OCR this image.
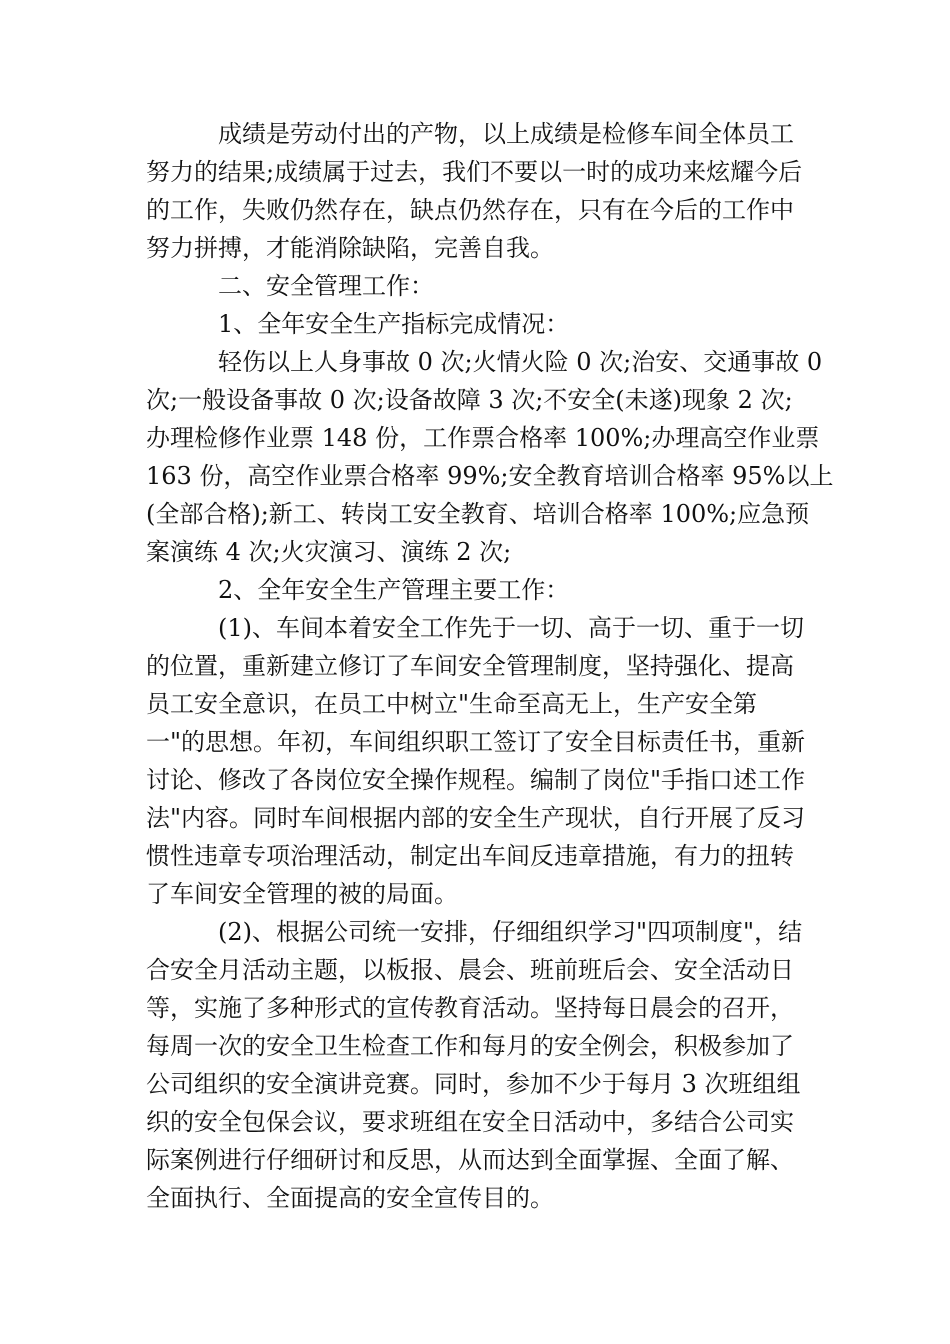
成绩是劳动付出的产物，以上成绩是检修车间全体员工
努力的结果;成绩属于过去，我们不要以一时的成功来炫耀今后
的工作，失败仍然存在，缺点仍然存在，只有在今后的工作中
努力拼搏，才能消除缺陷，完善自我。
二、安全管理工作：
1、全年安全生产指标完成情况：
轻伤以上人身事故 0 次;火情火险 0 次;治安、交通事故 0
次;一般设备事故 0 次;设备故障 3 次;不安全(未遂)现象 2 次;
办理检修作业票 148 份，工作票合格率 100%;办理高空作业票
163 份，高空作业票合格率 99%;安全教育培训合格率 95%以上
(全部合格);新工、转岗工安全教育、培训合格率 100%;应急预
案演练 4 次;火灾演习、演练 2 次;
2、全年安全生产管理主要工作：
(1)、车间本着安全工作先于一切、高于一切、重于一切
的位置，重新建立修订了车间安全管理制度，坚持强化、提高
员工安全意识，在员工中树立"生命至高无上，生产安全第
一"的思想。年初，车间组织职工签订了安全目标责任书，重新
讨论、修改了各岗位安全操作规程。编制了岗位"手指口述工作
法"内容。同时车间根据内部的安全生产现状，自行开展了反习
惯性违章专项治理活动，制定出车间反违章措施，有力的扭转
了车间安全管理的被的局面。
(2)、根据公司统一安排，仔细组织学习"四项制度"，结
合安全月活动主题，以板报、晨会、班前班后会、安全活动日
等，实施了多种形式的宣传教育活动。坚持每日晨会的召开，
每周一次的安全卫生检查工作和每月的安全例会，积极参加了
公司组织的安全演讲竞赛。同时，参加不少于每月 3 次班组组
织的安全包保会议，要求班组在安全日活动中，多结合公司实
际案例进行仔细研讨和反思，从而达到全面掌握、全面了解、
全面执行、全面提高的安全宣传目的。
